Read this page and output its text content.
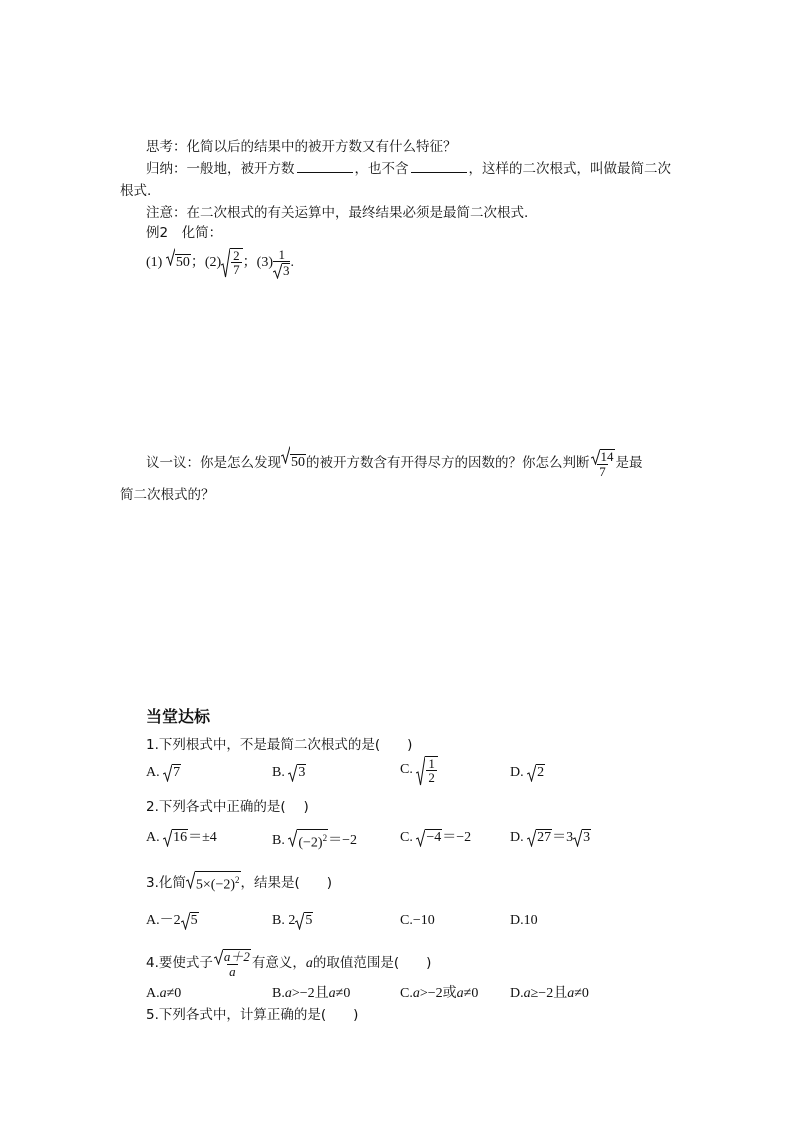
思考：化简以后的结果中的被开方数又有什么特征？
归纳：一般地，被开方数	，也不含	，这样的二次根式，叫做最简二次
根式.
注意：在二次根式的有关运算中，最终结果必须是最简二次根式.
例2　化简：
(1) 50；$(2) \frac{2}{7}$ ；$(3) \frac{1}{3}$ .
议一议：你是怎么发现 50的被开方数含有开得尽方的因数的？你怎么判断 $\frac{14}{7}$ 是最
简二次根式的？
当堂达标
1.下列根式中，不是最简二次根式的是(　　)
A. 7	B. 3	C. $\frac{1}{2}$	D. 2
2.下列各式中正确的是(　 )
A. 16＝±4	B. $(-2)^2=-2$	C. −4＝−2	D. 27＝3 3
3.化简 $5\times(-2)^2$，结果是(　　)
A.－2 5	B. 2 5	C.−10	D.10
4.要使式子 $\frac{a+2}{a}$ 有意义，a的取值范围是(　　)
A.a≠0	B.a>−2且a≠0	C.a>−2或a≠0 D.a≥−2且a≠0
5.下列各式中，计算正确的是(　　)
